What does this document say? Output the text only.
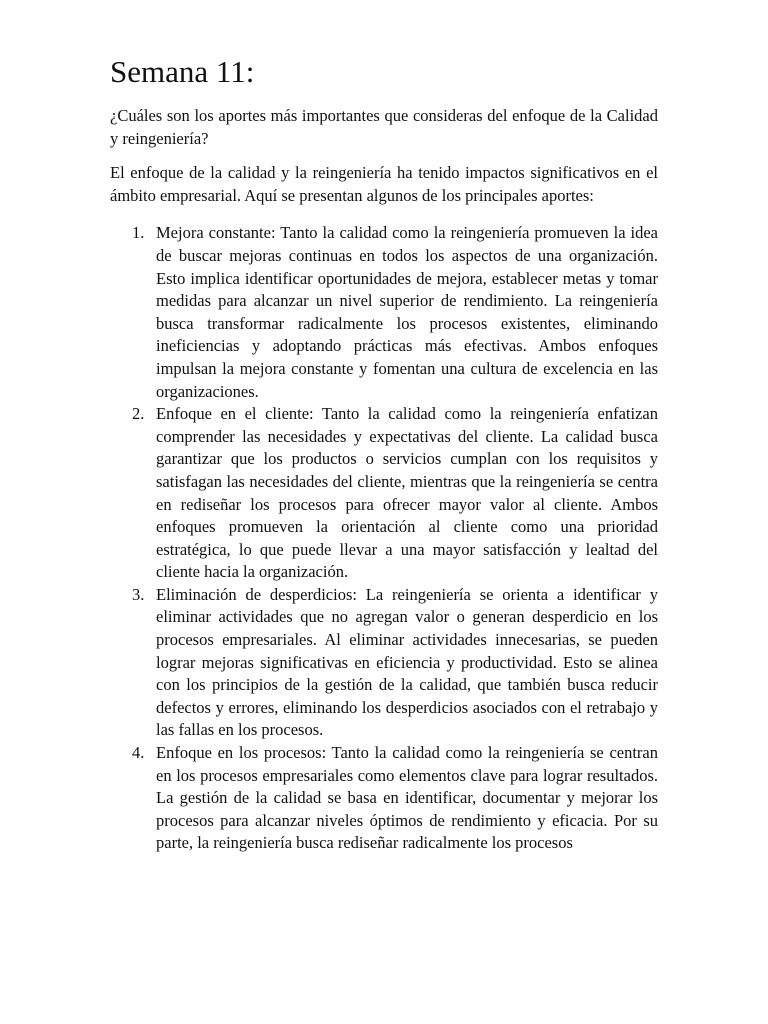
Semana 11:

¿Cuáles son los aportes más importantes que consideras del enfoque de la Calidad y reingeniería?

El enfoque de la calidad y la reingeniería ha tenido impactos significativos en el ámbito empresarial. Aquí se presentan algunos de los principales aportes:

1. Mejora constante: Tanto la calidad como la reingeniería promueven la idea de buscar mejoras continuas en todos los aspectos de una organización. Esto implica identificar oportunidades de mejora, establecer metas y tomar medidas para alcanzar un nivel superior de rendimiento. La reingeniería busca transformar radicalmente los procesos existentes, eliminando ineficiencias y adoptando prácticas más efectivas. Ambos enfoques impulsan la mejora constante y fomentan una cultura de excelencia en las organizaciones.
2. Enfoque en el cliente: Tanto la calidad como la reingeniería enfatizan comprender las necesidades y expectativas del cliente. La calidad busca garantizar que los productos o servicios cumplan con los requisitos y satisfagan las necesidades del cliente, mientras que la reingeniería se centra en rediseñar los procesos para ofrecer mayor valor al cliente. Ambos enfoques promueven la orientación al cliente como una prioridad estratégica, lo que puede llevar a una mayor satisfacción y lealtad del cliente hacia la organización.
3. Eliminación de desperdicios: La reingeniería se orienta a identificar y eliminar actividades que no agregan valor o generan desperdicio en los procesos empresariales. Al eliminar actividades innecesarias, se pueden lograr mejoras significativas en eficiencia y productividad. Esto se alinea con los principios de la gestión de la calidad, que también busca reducir defectos y errores, eliminando los desperdicios asociados con el retrabajo y las fallas en los procesos.
4. Enfoque en los procesos: Tanto la calidad como la reingeniería se centran en los procesos empresariales como elementos clave para lograr resultados. La gestión de la calidad se basa en identificar, documentar y mejorar los procesos para alcanzar niveles óptimos de rendimiento y eficacia. Por su parte, la reingeniería busca rediseñar radicalmente los procesos
